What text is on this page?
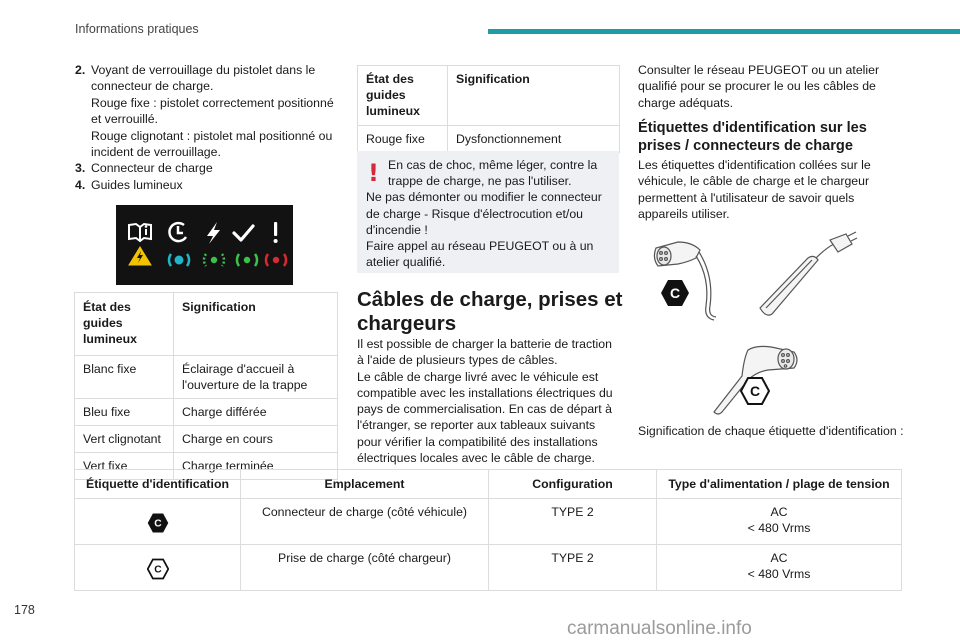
Informations pratiques
2. Voyant de verrouillage du pistolet dans le
connecteur de charge.
Rouge fixe : pistolet correctement positionné
et verrouillé.
Rouge clignotant : pistolet mal positionné ou
incident de verrouillage.
3. Connecteur de charge
4. Guides lumineux
État des guides lumineux	Signification
Blanc fixe	Éclairage d'accueil à l'ouverture de la trappe
Bleu fixe	Charge différée
Vert clignotant	Charge en cours
Vert fixe	Charge terminée
État des guides lumineux	Signification
Rouge fixe	Dysfonctionnement
! En cas de choc, même léger, contre la trappe de charge, ne pas l'utiliser.
Ne pas démonter ou modifier le connecteur de charge - Risque d'électrocution et/ou d'incendie !
Faire appel au réseau PEUGEOT ou à un atelier qualifié.
Câbles de charge, prises et chargeurs
Il est possible de charger la batterie de traction à l'aide de plusieurs types de câbles.
Le câble de charge livré avec le véhicule est compatible avec les installations électriques du pays de commercialisation. En cas de départ à l'étranger, se reporter aux tableaux suivants pour vérifier la compatibilité des installations électriques locales avec le câble de charge.
Consulter le réseau PEUGEOT ou un atelier qualifié pour se procurer le ou les câbles de charge adéquats.
Étiquettes d'identification sur les prises / connecteurs de charge
Les étiquettes d'identification collées sur le véhicule, le câble de charge et le chargeur permettent à l'utilisateur de savoir quels appareils utiliser.
C
C
Signification de chaque étiquette d'identification :
Étiquette d'identification	Emplacement	Configuration	Type d'alimentation / plage de tension

C	Connecteur de charge (côté véhicule)	TYPE 2	AC
< 480 Vrms

C	Prise de charge (côté chargeur)	TYPE 2	AC
< 480 Vrms
178
carmanualsonline.info
